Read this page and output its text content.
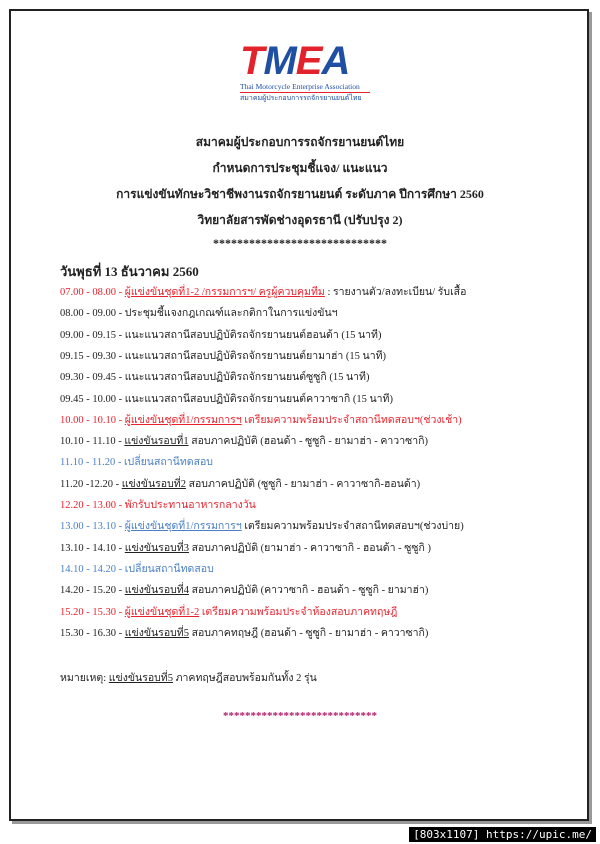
TMEA
Thai Motorcycle Enterprise Association
สมาคมผู้ประกอบการรถจักรยานยนต์ไทย
สมาคมผู้ประกอบการรถจักรยานยนต์ไทย
กำหนดการประชุมชี้แจง/ แนะแนว
การแข่งขันทักษะวิชาชีพงานรถจักรยานยนต์ ระดับภาค ปีการศึกษา 2560
วิทยาลัยสารพัดช่างอุดรธานี (ปรับปรุง 2)
*****************************
วันพุธที่ 13 ธันวาคม 2560
07.00 - 08.00 - ผู้แข่งขันชุดที่1-2 /กรรมการฯ/ ครูผู้ควบคุมทีม : รายงานตัว/ลงทะเบียน/ รับเสื้อ
08.00 - 09.00 - ประชุมชี้แจงกฎเกณฑ์และกติกาในการแข่งขันฯ
09.00 - 09.15 - แนะแนวสถานีสอบปฏิบัติรถจักรยานยนต์ฮอนด้า (15 นาที)
09.15 - 09.30 - แนะแนวสถานีสอบปฏิบัติรถจักรยานยนต์ยามาฮ่า (15 นาที)
09.30 - 09.45 - แนะแนวสถานีสอบปฏิบัติรถจักรยานยนต์ซูซูกิ (15 นาที)
09.45 - 10.00 - แนะแนวสถานีสอบปฏิบัติรถจักรยานยนต์คาวาซากิ (15 นาที)
10.00 - 10.10 - ผู้แข่งขันชุดที่1/กรรมการฯ เตรียมความพร้อมประจำสถานีทดสอบฯ(ช่วงเช้า)
10.10 - 11.10 - แข่งขันรอบที่1 สอบภาคปฏิบัติ (ฮอนด้า - ซูซูกิ - ยามาฮ่า - คาวาซากิ)
11.10 - 11.20 - เปลี่ยนสถานีทดสอบ
11.20 -12.20 - แข่งขันรอบที่2 สอบภาคปฏิบัติ (ซูซูกิ - ยามาฮ่า - คาวาซากิ-ฮอนด้า)
12.20 - 13.00 - พักรับประทานอาหารกลางวัน
13.00 - 13.10 - ผู้แข่งขันชุดที่1/กรรมการฯ เตรียมความพร้อมประจำสถานีทดสอบฯ(ช่วงบ่าย)
13.10 - 14.10 - แข่งขันรอบที่3 สอบภาคปฏิบัติ (ยามาฮ่า - คาวาซากิ - ฮอนด้า - ซูซูกิ )
14.10 - 14.20 - เปลี่ยนสถานีทดสอบ
14.20 - 15.20 - แข่งขันรอบที่4 สอบภาคปฏิบัติ (คาวาซากิ - ฮอนด้า - ซูซูกิ - ยามาฮ่า)
15.20 - 15.30 - ผู้แข่งขันชุดที่1-2 เตรียมความพร้อมประจำห้องสอบภาคทฤษฎี
15.30 - 16.30 - แข่งขันรอบที่5 สอบภาคทฤษฎี (ฮอนด้า - ซูซูกิ - ยามาฮ่า - คาวาซากิ)
หมายเหตุ: แข่งขันรอบที่5 ภาคทฤษฎีสอบพร้อมกันทั้ง 2 รุ่น
****************************
[803x1107] https://upic.me/
